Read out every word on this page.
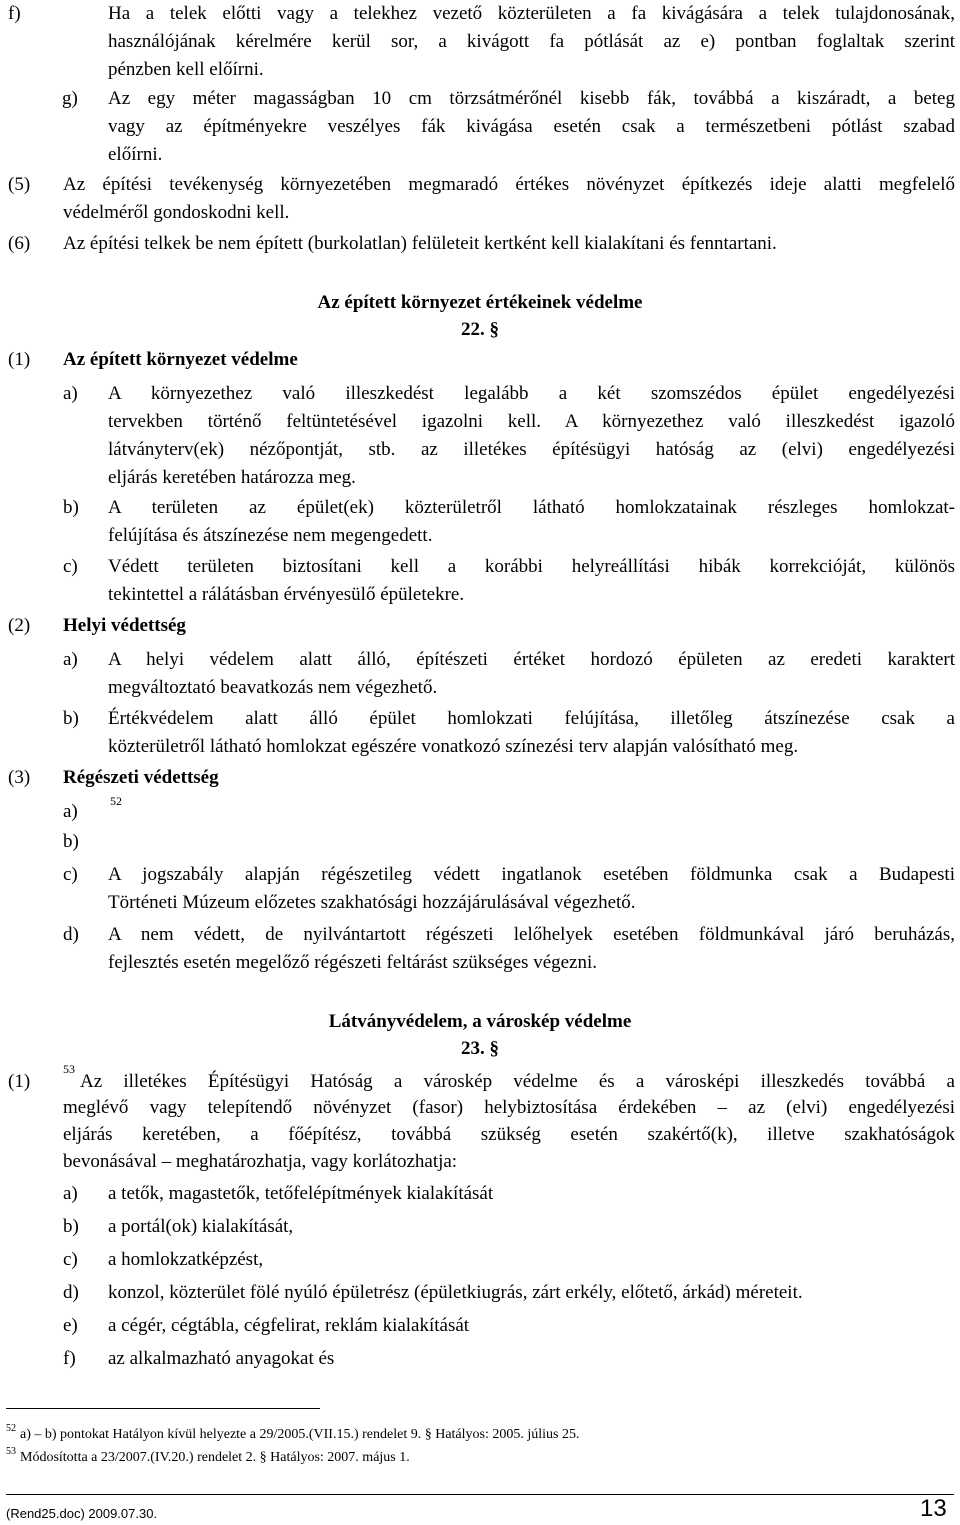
f)	Ha a telek előtti vagy a telekhez vezető közterületen a fa kivágására a telek tulajdonosának,
használójának kérelmére kerül sor, a kivágott fa pótlását az e) pontban foglaltak szerint
pénzben kell előírni.
g) Az egy méter magasságban 10 cm törzsátmérőnél kisebb fák, továbbá a kiszáradt, a beteg
vagy az építményekre veszélyes fák kivágása esetén csak a természetbeni pótlást szabad
előírni.
(5) Az építési tevékenység környezetében megmaradó értékes növényzet építkezés ideje alatti megfelelő
védelméről gondoskodni kell.
(6) Az építési telkek be nem épített (burkolatlan) felületeit kertként kell kialakítani és fenntartani.
Az épített környezet értékeinek védelme
22. §
(1) Az épített környezet védelme
a) A környezethez való illeszkedést legalább a két szomszédos épület engedélyezési
tervekben történő feltüntetésével igazolni kell. A környezethez való illeszkedést igazoló
látványterv(ek) nézőpontját, stb. az illetékes építésügyi hatóság az (elvi) engedélyezési
eljárás keretében határozza meg.
b) A területen az épület(ek) közterületről látható homlokzatainak részleges homlokzat-
felújítása és átszínezése nem megengedett.
c) Védett területen biztosítani kell a korábbi helyreállítási hibák korrekcióját, különös
tekintettel a rálátásban érvényesülő épületekre.
(2) Helyi védettség
a) A helyi védelem alatt álló, építészeti értéket hordozó épületen az eredeti karaktert
megváltoztató beavatkozás nem végezhető.
b) Értékvédelem alatt álló épület homlokzati felújítása, illetőleg átszínezése csak a
közterületről látható homlokzat egészére vonatkozó színezési terv alapján valósítható meg.
(3) Régészeti védettség
a)	52
b)
c) A jogszabály alapján régészetileg védett ingatlanok esetében földmunka csak a Budapesti
Történeti Múzeum előzetes szakhatósági hozzájárulásával végezhető.
d) A nem védett, de nyilvántartott régészeti lelőhelyek esetében földmunkával járó beruházás,
fejlesztés esetén megelőző régészeti feltárást szükséges végezni.
Látványvédelem, a városkép védelme
23. §
(1)
53
Az illetékes Építésügyi Hatóság a városkép védelme és a városképi illeszkedés továbbá a
meglévő vagy telepítendő növényzet (fasor) helybiztosítása érdekében ‒ az (elvi) engedélyezési
eljárás keretében, a főépítész, továbbá szükség esetén szakértő(k), illetve szakhatóságok
bevonásával ‒ meghatározhatja, vagy korlátozhatja:
a) a tetők, magastetők, tetőfelépítmények kialakítását
b) a portál(ok) kialakítását,
c) a homlokzatképzést,
d) konzol, közterület fölé nyúló épületrész (épületkiugrás, zárt erkély, előtető, árkád) méreteit.
e) a cégér, cégtábla, cégfelirat, reklám kialakítását
f) az alkalmazható anyagokat és
52 a) ‒ b) pontokat Hatályon kívül helyezte a 29/2005.(VII.15.) rendelet 9. § Hatályos: 2005. július 25.
53 Módosította a 23/2007.(IV.20.) rendelet 2. § Hatályos: 2007. május 1.
(Rend25.doc) 2009.07.30.	13
